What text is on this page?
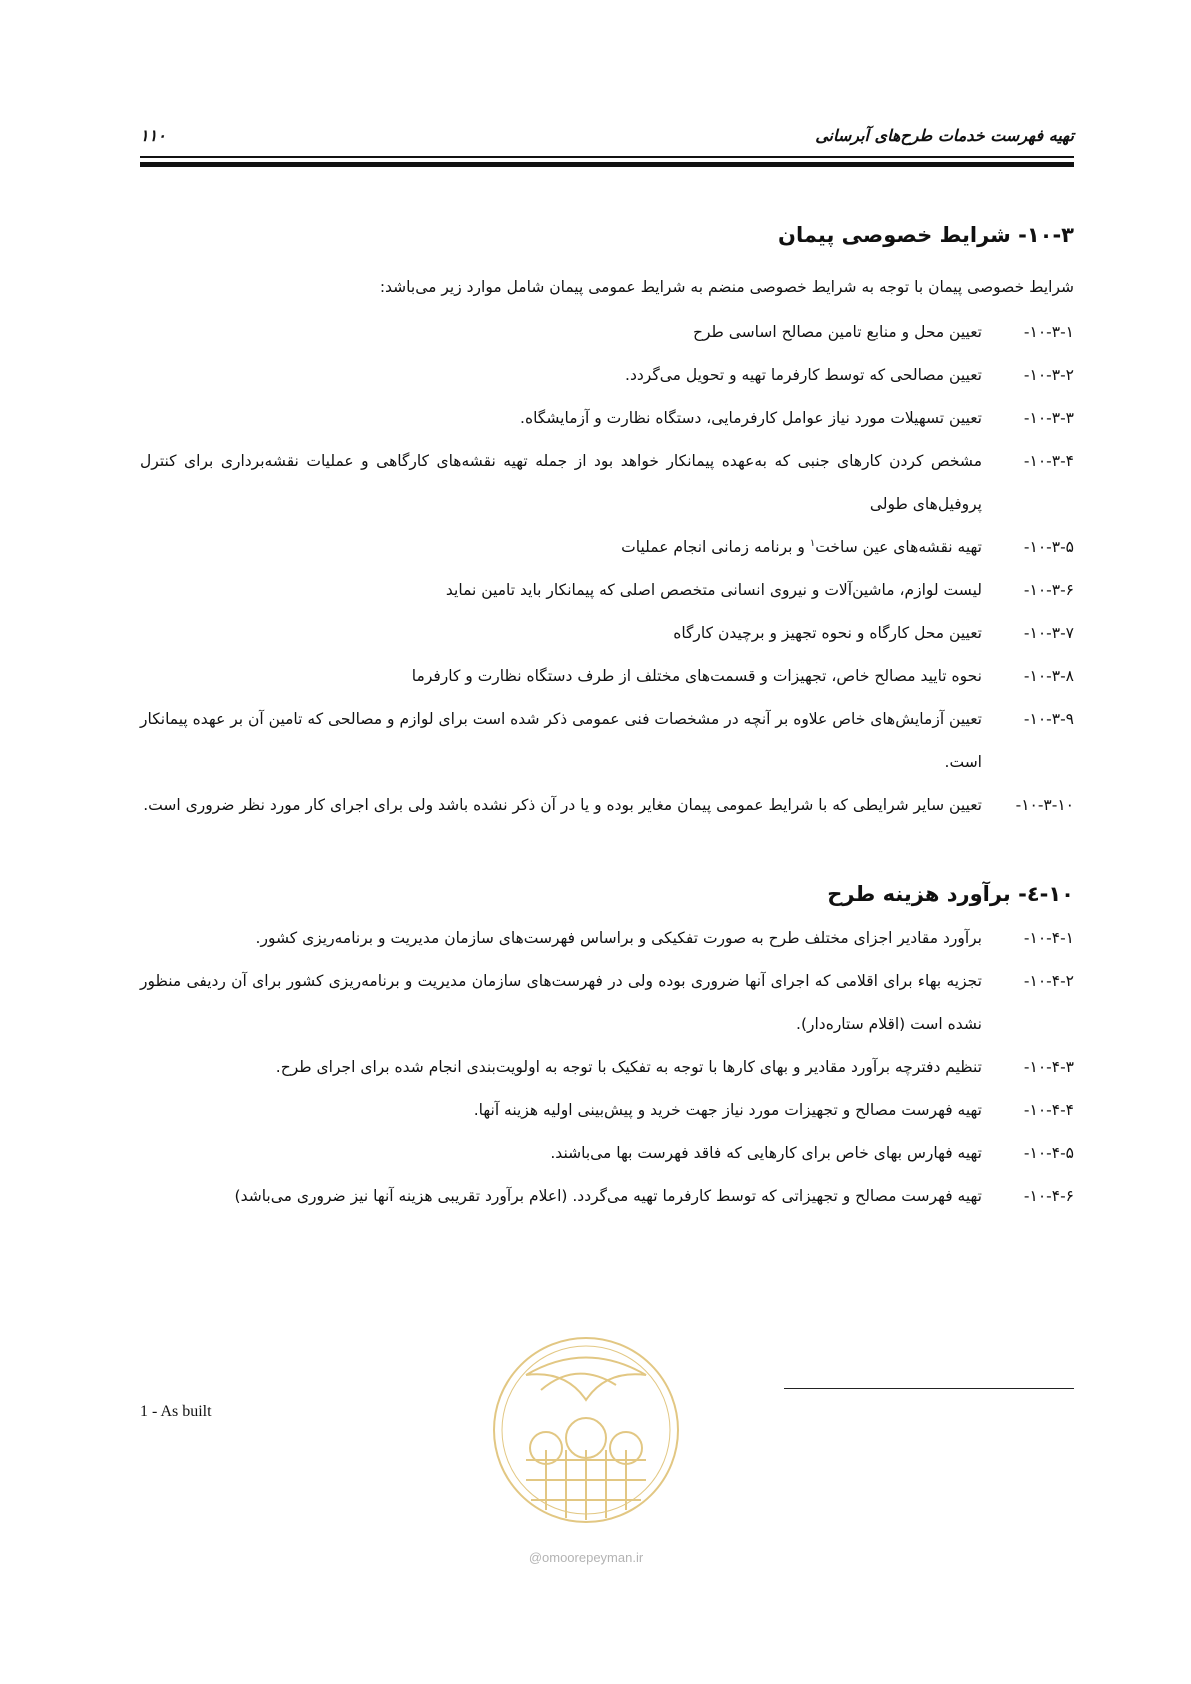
تهیه فهرست خدمات طرح‌های آبرسانی
۱۱۰
۱۰-۳- شرایط خصوصی پیمان
شرایط خصوصی پیمان با توجه به شرایط خصوصی منضم به شرایط عمومی پیمان شامل موارد زیر می‌باشد:
۱۰-۳-۱-
تعیین محل و منابع تامین مصالح اساسی طرح
۱۰-۳-۲-
تعیین مصالحی که توسط کارفرما تهیه و تحویل می‌گردد.
۱۰-۳-۳-
تعیین تسهیلات مورد نیاز عوامل کارفرمایی، دستگاه نظارت و آزمایشگاه.
۱۰-۳-۴-
مشخص کردن کارهای جنبی که به‌عهده پیمانکار خواهد بود از جمله تهیه نقشه‌های کارگاهی و عملیات نقشه‌برداری برای کنترل پروفیل‌های طولی
۱۰-۳-۵-
تهیه نقشه‌های عین ساخت$^۱$ و برنامه زمانی انجام عملیات
۱۰-۳-۶-
لیست لوازم، ماشین‌آلات و نیروی انسانی متخصص اصلی که پیمانکار باید تامین نماید
۱۰-۳-۷-
تعیین محل کارگاه و نحوه تجهیز و برچیدن کارگاه
۱۰-۳-۸-
نحوه تایید مصالح خاص، تجهیزات و قسمت‌های مختلف از طرف دستگاه نظارت و کارفرما
۱۰-۳-۹-
تعیین آزمایش‌های خاص علاوه بر آنچه در مشخصات فنی عمومی ذکر شده است برای لوازم و مصالحی که تامین آن بر عهده پیمانکار است.
۱۰-۳-۱۰-
تعیین سایر شرایطی که با شرایط عمومی پیمان مغایر بوده و یا در آن ذکر نشده باشد ولی برای اجرای کار مورد نظر ضروری است.
۱۰-٤- برآورد هزینه طرح
۱۰-۴-۱-
برآورد مقادیر اجزای مختلف طرح به صورت تفکیکی و براساس فهرست‌های سازمان مدیریت و برنامه‌ریزی کشور.
۱۰-۴-۲-
تجزیه بهاء برای اقلامی که اجرای آنها ضروری بوده ولی در فهرست‌های سازمان مدیریت و برنامه‌ریزی کشور برای آن ردیفی منظور نشده است (اقلام ستاره‌دار).
۱۰-۴-۳-
تنظیم دفترچه برآورد مقادیر و بهای کارها با توجه به تفکیک با توجه به اولویت‌بندی انجام شده برای اجرای طرح.
۱۰-۴-۴-
تهیه فهرست مصالح و تجهیزات مورد نیاز جهت خرید و پیش‌بینی اولیه هزینه آنها.
۱۰-۴-۵-
تهیه فهارس بهای خاص برای کارهایی که فاقد فهرست بها می‌باشند.
۱۰-۴-۶-
تهیه فهرست مصالح و تجهیزاتی که توسط کارفرما تهیه می‌گردد. (اعلام برآورد تقریبی هزینه آنها نیز ضروری می‌باشد)
1 - As built
@omoorepeyman.ir
